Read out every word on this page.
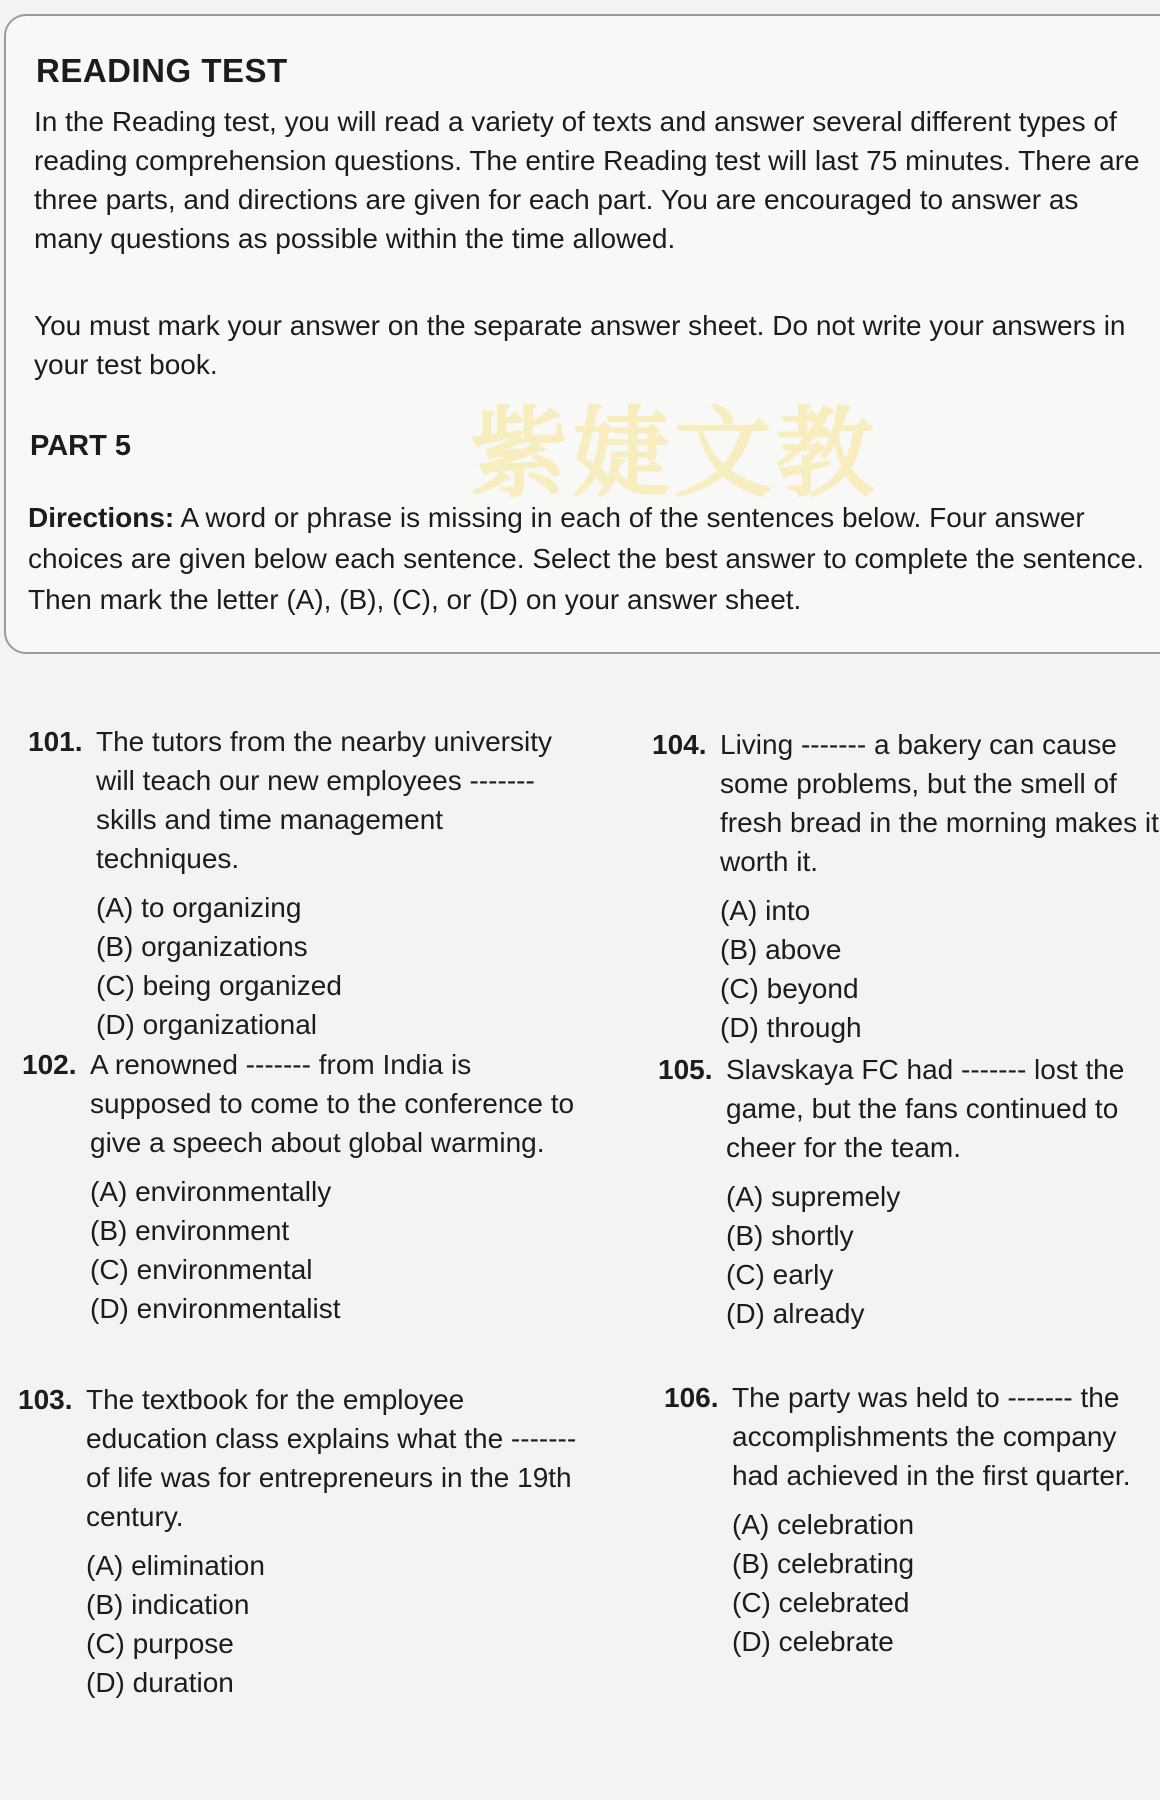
READING TEST

In the Reading test, you will read a variety of texts and answer several different types of reading comprehension questions. The entire Reading test will last 75 minutes. There are three parts, and directions are given for each part. You are encouraged to answer as many questions as possible within the time allowed.

You must mark your answer on the separate answer sheet. Do not write your answers in your test book.

紫婕文教
PART 5

Directions: A word or phrase is missing in each of the sentences below. Four answer choices are given below each sentence. Select the best answer to complete the sentence. Then mark the letter (A), (B), (C), or (D) on your answer sheet.

101. The tutors from the nearby university will teach our new employees ------- skills and time management techniques.

(A) to organizing
(B) organizations
(C) being organized
(D) organizational
102. A renowned ------- from India is supposed to come to the conference to give a speech about global warming.

(A) environmentally
(B) environment
(C) environmental
(D) environmentalist
103. The textbook for the employee education class explains what the ------- of life was for entrepreneurs in the 19th century.

(A) elimination
(B) indication
(C) purpose
(D) duration
104. Living ------- a bakery can cause some problems, but the smell of fresh bread in the morning makes it worth it.

(A) into
(B) above
(C) beyond
(D) through
105. Slavskaya FC had ------- lost the game, but the fans continued to cheer for the team.

(A) supremely
(B) shortly
(C) early
(D) already
106. The party was held to ------- the accomplishments the company had achieved in the first quarter.

(A) celebration
(B) celebrating
(C) celebrated
(D) celebrate
